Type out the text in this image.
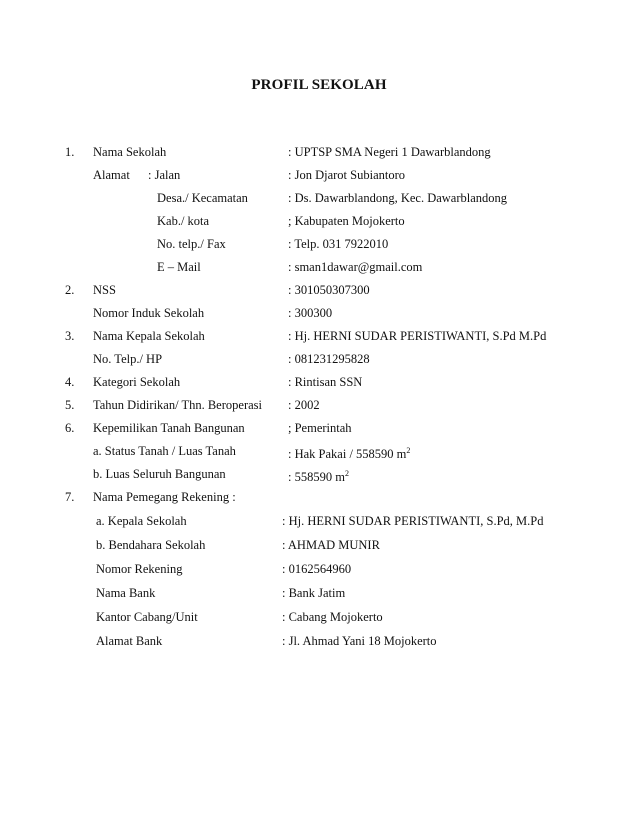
PROFIL SEKOLAH
1. Nama Sekolah	: UPTSP SMA Negeri 1 Dawarblandong
Alamat : Jalan	: Jon Djarot Subiantoro
Desa./ Kecamatan	: Ds. Dawarblandong, Kec. Dawarblandong
Kab./ kota	; Kabupaten Mojokerto
No. telp./ Fax	: Telp. 031 7922010
E – Mail	: sman1dawar@gmail.com
2. NSS	: 301050307300
Nomor Induk Sekolah	: 300300
3. Nama Kepala Sekolah	: Hj. HERNI SUDAR PERISTIWANTI, S.Pd M.Pd
No. Telp./ HP	: 081231295828
4. Kategori Sekolah	: Rintisan SSN
5. Tahun Didirikan/ Thn. Beroperasi : 2002
6. Kepemilikan Tanah Bangunan	; Pemerintah
a. Status Tanah / Luas Tanah	: Hak Pakai / 558590 $m^2$
b. Luas Seluruh Bangunan	: 558590 $m^2$
7. Nama Pemegang Rekening :
a. Kepala Sekolah	: Hj. HERNI SUDAR PERISTIWANTI, S.Pd, M.Pd
b. Bendahara Sekolah	: AHMAD MUNIR
Nomor Rekening	: 0162564960
Nama Bank	: Bank Jatim
Kantor Cabang/Unit	: Cabang Mojokerto
Alamat Bank	: Jl. Ahmad Yani 18 Mojokerto
